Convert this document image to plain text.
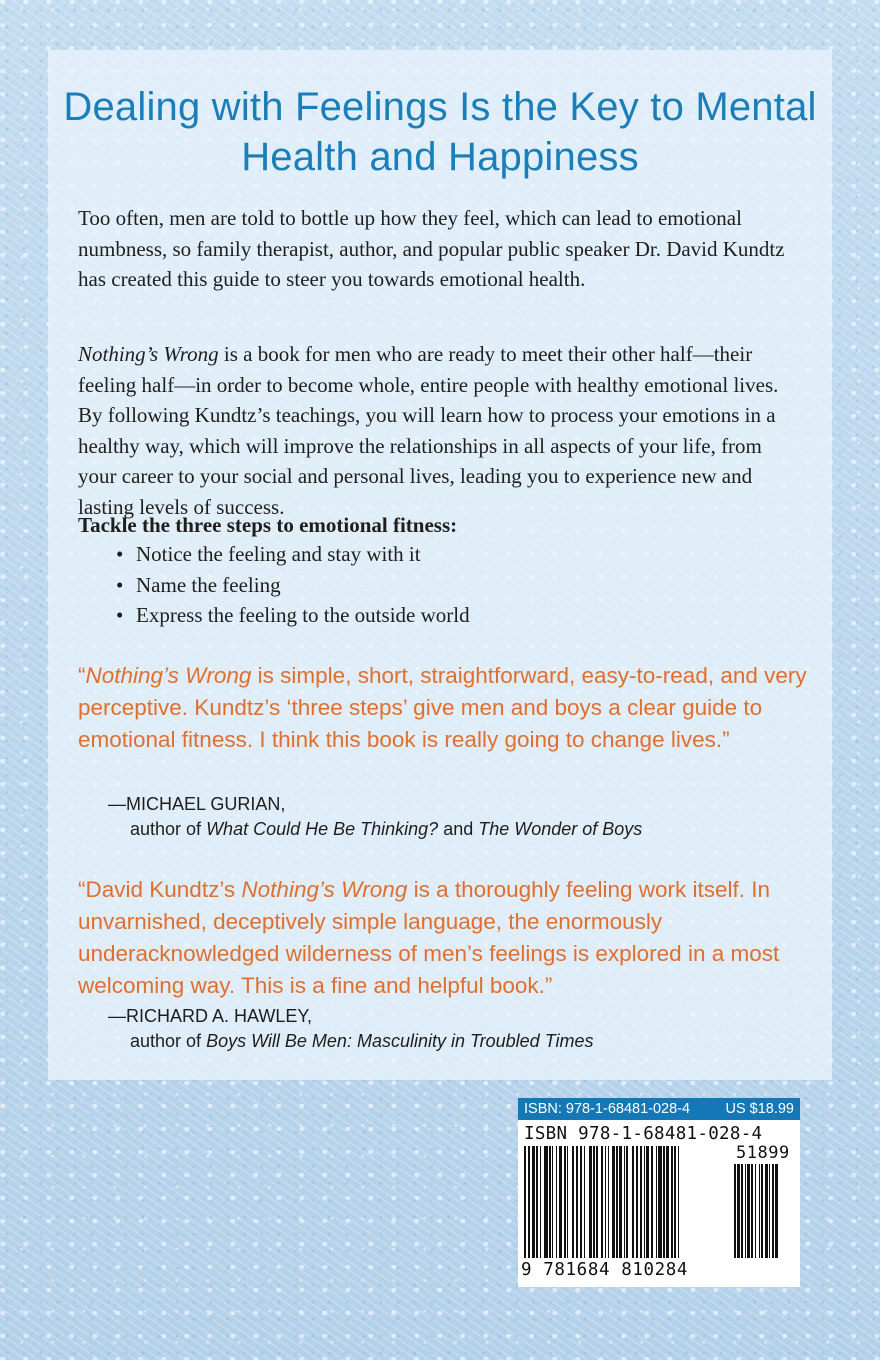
Dealing with Feelings Is the Key to Mental Health and Happiness

Too often, men are told to bottle up how they feel, which can lead to emotional numbness, so family therapist, author, and popular public speaker Dr. David Kundtz has created this guide to steer you towards emotional health.

Nothing’s Wrong is a book for men who are ready to meet their other half—their feeling half—in order to become whole, entire people with healthy emotional lives. By following Kundtz’s teachings, you will learn how to process your emotions in a healthy way, which will improve the relationships in all aspects of your life, from your career to your social and personal lives, leading you to experience new and lasting levels of success.

Tackle the three steps to emotional fitness:

• Notice the feeling and stay with it
• Name the feeling
• Express the feeling to the outside world

“Nothing’s Wrong is simple, short, straightforward, easy-to-read, and very perceptive. Kundtz’s ‘three steps’ give men and boys a clear guide to emotional fitness. I think this book is really going to change lives.”

—MICHAEL GURIAN,
author of What Could He Be Thinking? and The Wonder of Boys

“David Kundtz’s Nothing’s Wrong is a thoroughly feeling work itself. In unvarnished, deceptively simple language, the enormously underacknowledged wilderness of men’s feelings is explored in a most welcoming way. This is a fine and helpful book.”

—RICHARD A. HAWLEY,
author of Boys Will Be Men: Masculinity in Troubled Times

ISBN: 978-1-68481-028-4 US $18.99

ISBN 978-1-68481-028-4

51899

9 781684 810284
